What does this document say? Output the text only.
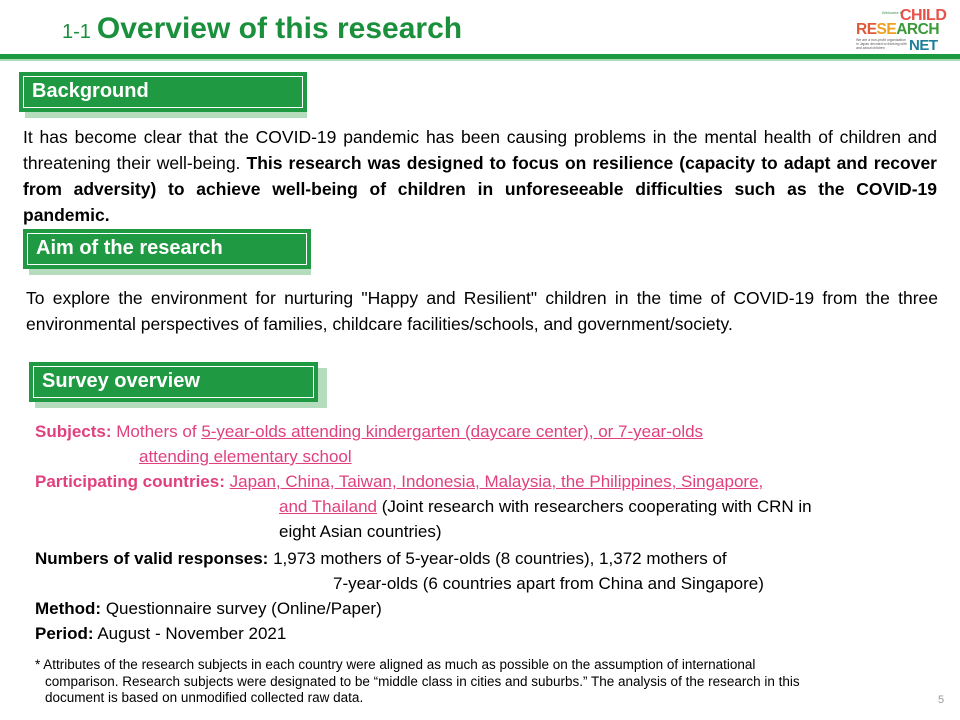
1-1 Overview of this research	Welcome to
CHILD
RESEARCH
We are a non-profit organization in Japan devoted to thinking with and about children	NET
Background
It has become clear that the COVID-19 pandemic has been causing problems in the mental health of children and threatening their well-being. This research was designed to focus on resilience (capacity to adapt and recover from adversity) to achieve well-being of children in unforeseeable difficulties such as the COVID-19 pandemic.
Aim of the research
To explore the environment for nurturing "Happy and Resilient" children in the time of COVID-19 from the three environmental perspectives of families, childcare facilities/schools, and government/society.
Survey overview
Subjects: Mothers of 5-year-olds attending kindergarten (daycare center), or 7-year-olds
attending elementary school
Participating countries: Japan, China, Taiwan, Indonesia, Malaysia, the Philippines, Singapore,
and Thailand (Joint research with researchers cooperating with CRN in
eight Asian countries)
Numbers of valid responses: 1,973 mothers of 5-year-olds (8 countries), 1,372 mothers of
7-year-olds (6 countries apart from China and Singapore)
Method: Questionnaire survey (Online/Paper)
Period: August - November 2021
* Attributes of the research subjects in each country were aligned as much as possible on the assumption of international
comparison. Research subjects were designated to be “middle class in cities and suburbs.” The analysis of the research in this
document is based on unmodified collected raw data.	5
